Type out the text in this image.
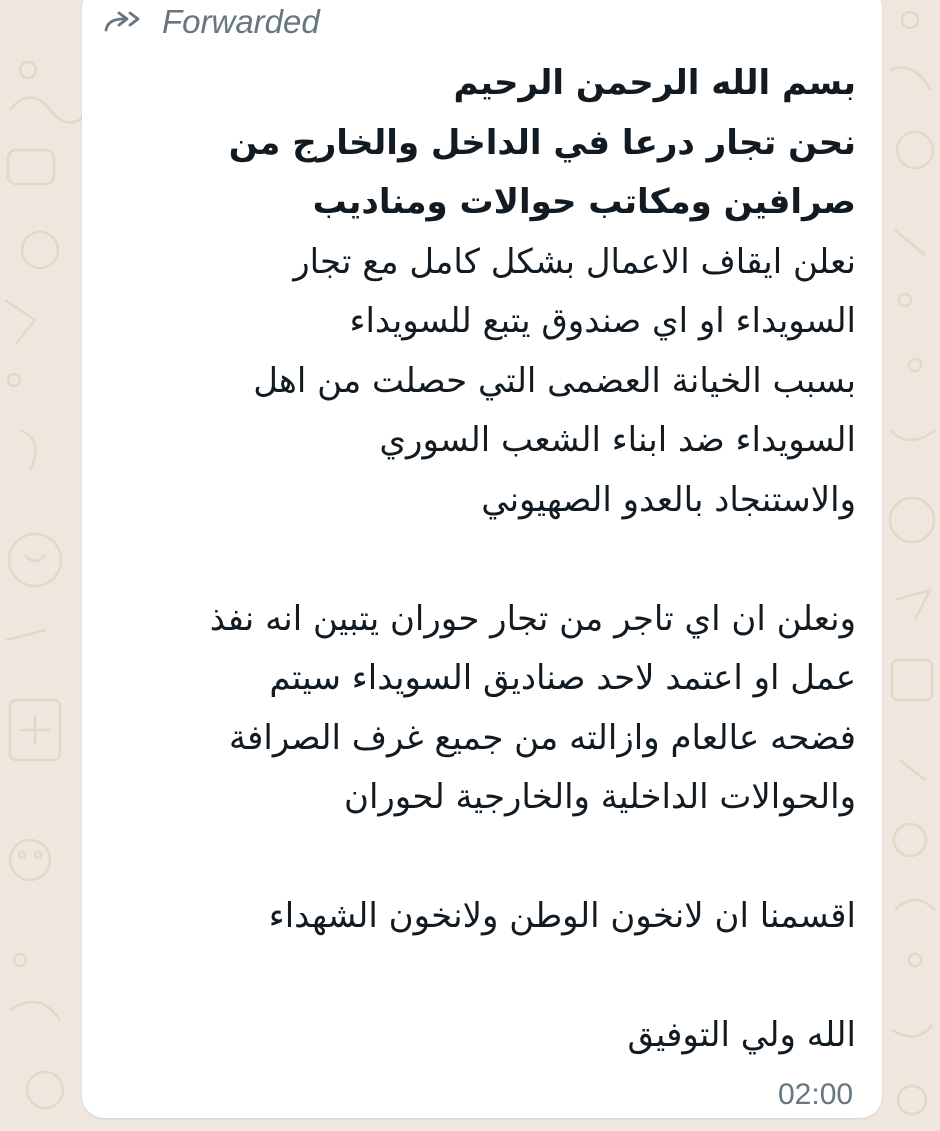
Forwarded
بسم الله الرحمن الرحيم
نحن تجار درعا في الداخل والخارج من
صرافين ومكاتب حوالات ومناديب
نعلن ايقاف الاعمال بشكل كامل مع تجار
السويداء او اي صندوق يتبع للسويداء
بسبب الخيانة العضمى التي حصلت من اهل
السويداء ضد ابناء الشعب السوري
والاستنجاد بالعدو الصهيوني
ونعلن ان اي تاجر من تجار حوران يتبين انه نفذ
عمل او اعتمد لاحد صناديق السويداء سيتم
فضحه عالعام وازالته من جميع غرف الصرافة
والحوالات الداخلية والخارجية لحوران
اقسمنا ان لانخون الوطن ولانخون الشهداء
الله ولي التوفيق
02:00
